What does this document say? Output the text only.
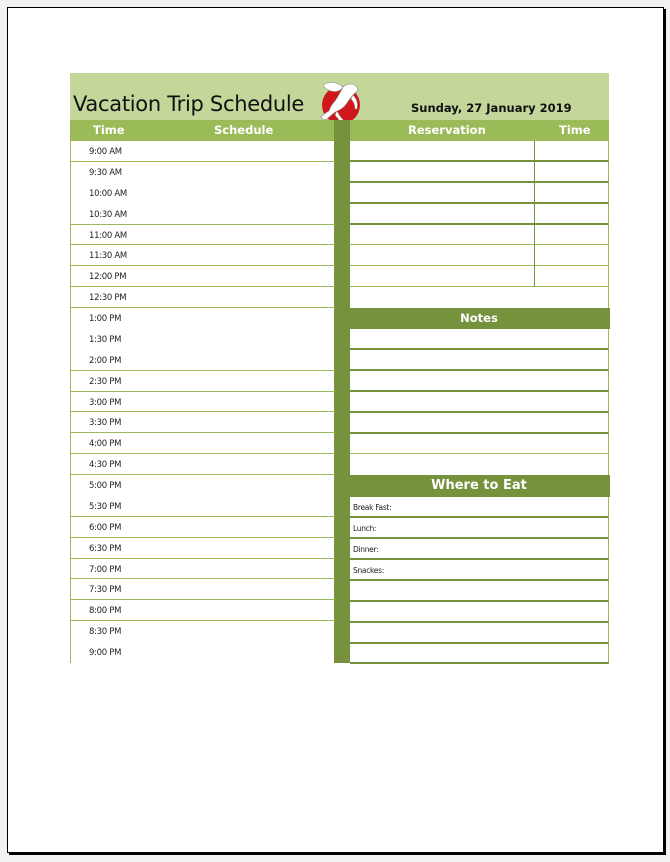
Vacation Trip Schedule	Sunday, 27 January 2019
Time	Schedule	Reservation	Time
9:00 AM
9:30 AM
10:00 AM
10:30 AM
11:00 AM
11:30 AM
12:00 PM
12:30 PM
1:00 PM
1:30 PM
2:00 PM
2:30 PM
3:00 PM
3:30 PM
4:00 PM
4:30 PM
5:00 PM
5:30 PM
6:00 PM
6:30 PM
7:00 PM
7:30 PM
8:00 PM
8:30 PM
9:00 PM
Notes
Where to Eat
Break Fast:
Lunch:
Dinner:
Snackes:
